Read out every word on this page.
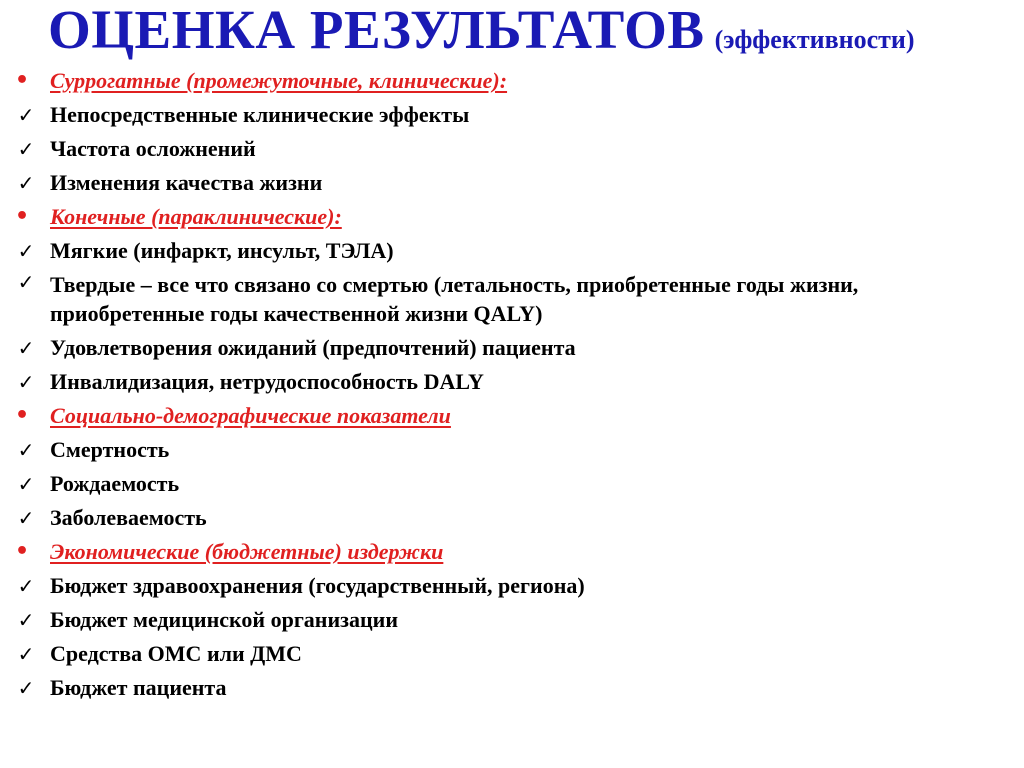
ОЦЕНКА РЕЗУЛЬТАТОВ (эффективности)
• Суррогатные (промежуточные, клинические):
✓ Непосредственные клинические эффекты
✓ Частота осложнений
✓ Изменения качества жизни
• Конечные (параклинические):
✓ Мягкие (инфаркт, инсульт, ТЭЛА)
✓ Твердые – все что связано со смертью (летальность, приобретенные годы жизни, приобретенные годы качественной жизни QALY)
✓ Удовлетворения ожиданий (предпочтений) пациента
✓ Инвалидизация, нетрудоспособность DALY
• Социально-демографические показатели
✓ Смертность
✓ Рождаемость
✓ Заболеваемость
• Экономические (бюджетные) издержки
✓ Бюджет здравоохранения (государственный, региона)
✓ Бюджет медицинской организации
✓ Средства ОМС или ДМС
✓ Бюджет пациента
